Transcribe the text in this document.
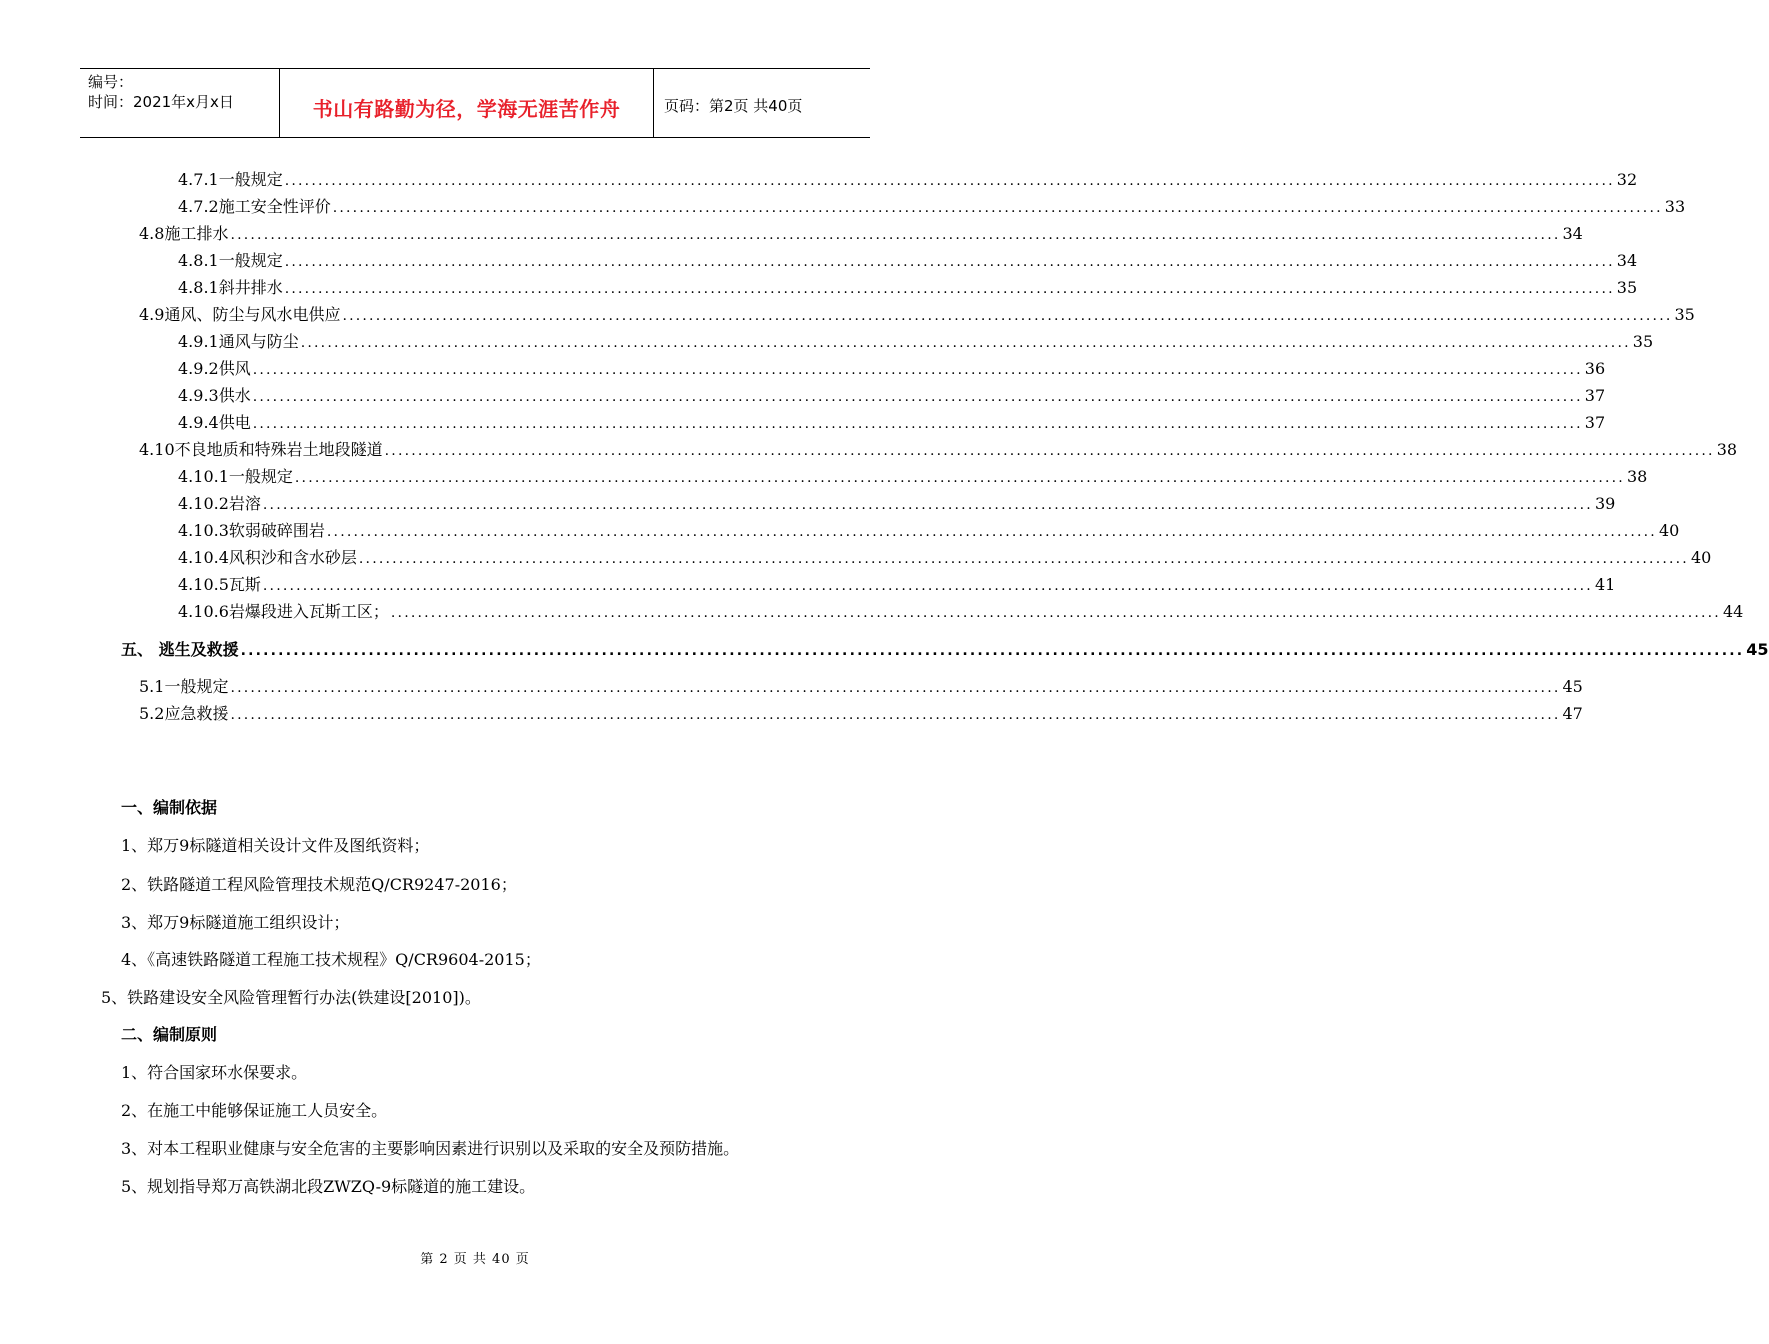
编号：
时间：2021年x月x日	书山有路勤为径，学海无涯苦作舟	页码：第2页 共40页
4.7.1一般规定 ........................................................................................................................................................................................................ 32
4.7.2施工安全性评价 ........................................................................................................................................................................................................ 33
4.8施工排水 ........................................................................................................................................................................................................ 34
4.8.1一般规定 ........................................................................................................................................................................................................ 34
4.8.1斜井排水 ........................................................................................................................................................................................................ 35
4.9通风、防尘与风水电供应 ........................................................................................................................................................................................................ 35
4.9.1通风与防尘 ........................................................................................................................................................................................................ 35
4.9.2供风 ........................................................................................................................................................................................................ 36
4.9.3供水 ........................................................................................................................................................................................................ 37
4.9.4供电 ........................................................................................................................................................................................................ 37
4.10不良地质和特殊岩土地段隧道 ........................................................................................................................................................................................................ 38
4.10.1一般规定 ........................................................................................................................................................................................................ 38
4.10.2岩溶 ........................................................................................................................................................................................................ 39
4.10.3软弱破碎围岩 ........................................................................................................................................................................................................ 40
4.10.4风积沙和含水砂层 ........................................................................................................................................................................................................ 40
4.10.5瓦斯 ........................................................................................................................................................................................................ 41
4.10.6岩爆段进入瓦斯工区； ........................................................................................................................................................................................................ 44
五、 逃生及救援 ........................................................................................................................................................................................................ 45
5.1一般规定 ........................................................................................................................................................................................................ 45
5.2应急救援 ........................................................................................................................................................................................................ 47
一、编制依据
1、郑万9标隧道相关设计文件及图纸资料；
2、铁路隧道工程风险管理技术规范Q/CR9247-2016；
3、郑万9标隧道施工组织设计；
4、《高速铁路隧道工程施工技术规程》Q/CR9604-2015；
5、铁路建设安全风险管理暂行办法(铁建设[2010])。
二、编制原则
1、符合国家环水保要求。
2、在施工中能够保证施工人员安全。
3、对本工程职业健康与安全危害的主要影响因素进行识别以及采取的安全及预防措施。
5、规划指导郑万高铁湖北段ZWZQ-9标隧道的施工建设。
第 2 页 共 40 页
